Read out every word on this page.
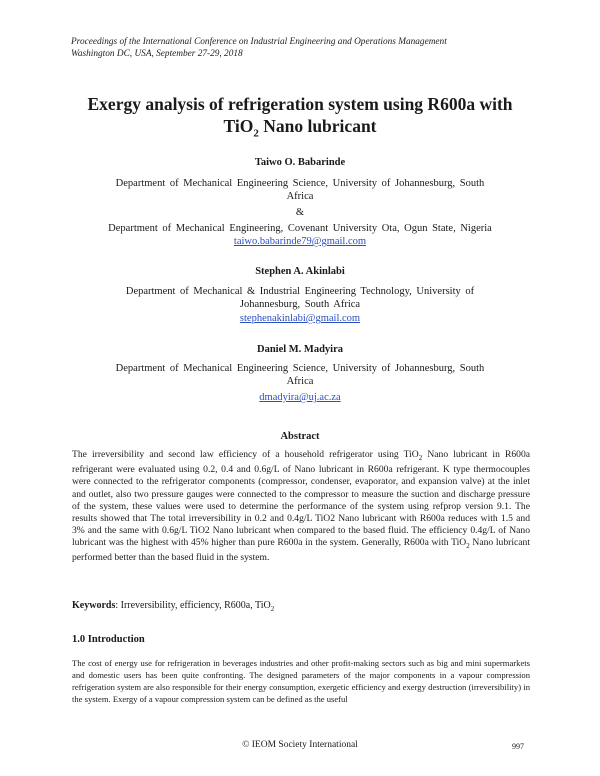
Proceedings of the International Conference on Industrial Engineering and Operations Management
Washington DC, USA, September 27-29, 2018
Exergy analysis of refrigeration system using R600a with
TiO$_2$ Nano lubricant
Taiwo O. Babarinde
Department of Mechanical Engineering Science, University of Johannesburg, South
Africa
&
Department of Mechanical Engineering, Covenant University Ota, Ogun State, Nigeria
taiwo.babarinde79@gmail.com
Stephen A. Akinlabi
Department of Mechanical & Industrial Engineering Technology, University of
Johannesburg, South Africa
stephenakinlabi@gmail.com
Daniel M. Madyira
Department of Mechanical Engineering Science, University of Johannesburg, South
Africa
dmadyira@uj.ac.za
Abstract
The irreversibility and second law efficiency of a household refrigerator using TiO$_2$ Nano lubricant in R600a refrigerant were evaluated using 0.2, 0.4 and 0.6g/L of Nano lubricant in R600a refrigerant. K type thermocouples were connected to the refrigerator components (compressor, condenser, evaporator, and expansion valve) at the inlet and outlet, also two pressure gauges were connected to the compressor to measure the suction and discharge pressure of the system, these values were used to determine the performance of the system using refprop version 9.1. The results showed that The total irreversibility in 0.2 and 0.4g/L TiO2 Nano lubricant with R600a reduces with 1.5 and 3% and the same with 0.6g/L TiO2 Nano lubricant when compared to the based fluid. The efficiency 0.4g/L of Nano lubricant was the highest with 45% higher than pure R600a in the system. Generally, R600a with TiO$_2$ Nano lubricant performed better than the based fluid in the system.
Keywords: Irreversibility, efficiency, R600a, TiO$_2$
1.0 Introduction
The cost of energy use for refrigeration in beverages industries and other profit-making sectors such as big and mini supermarkets and domestic users has been quite confronting. The designed parameters of the major components in a vapour compression refrigeration system are also responsible for their energy consumption, exergetic efficiency and exergy destruction (irreversibility) in the system. Exergy of a vapour compression system can be defined as the useful
© IEOM Society International	997
